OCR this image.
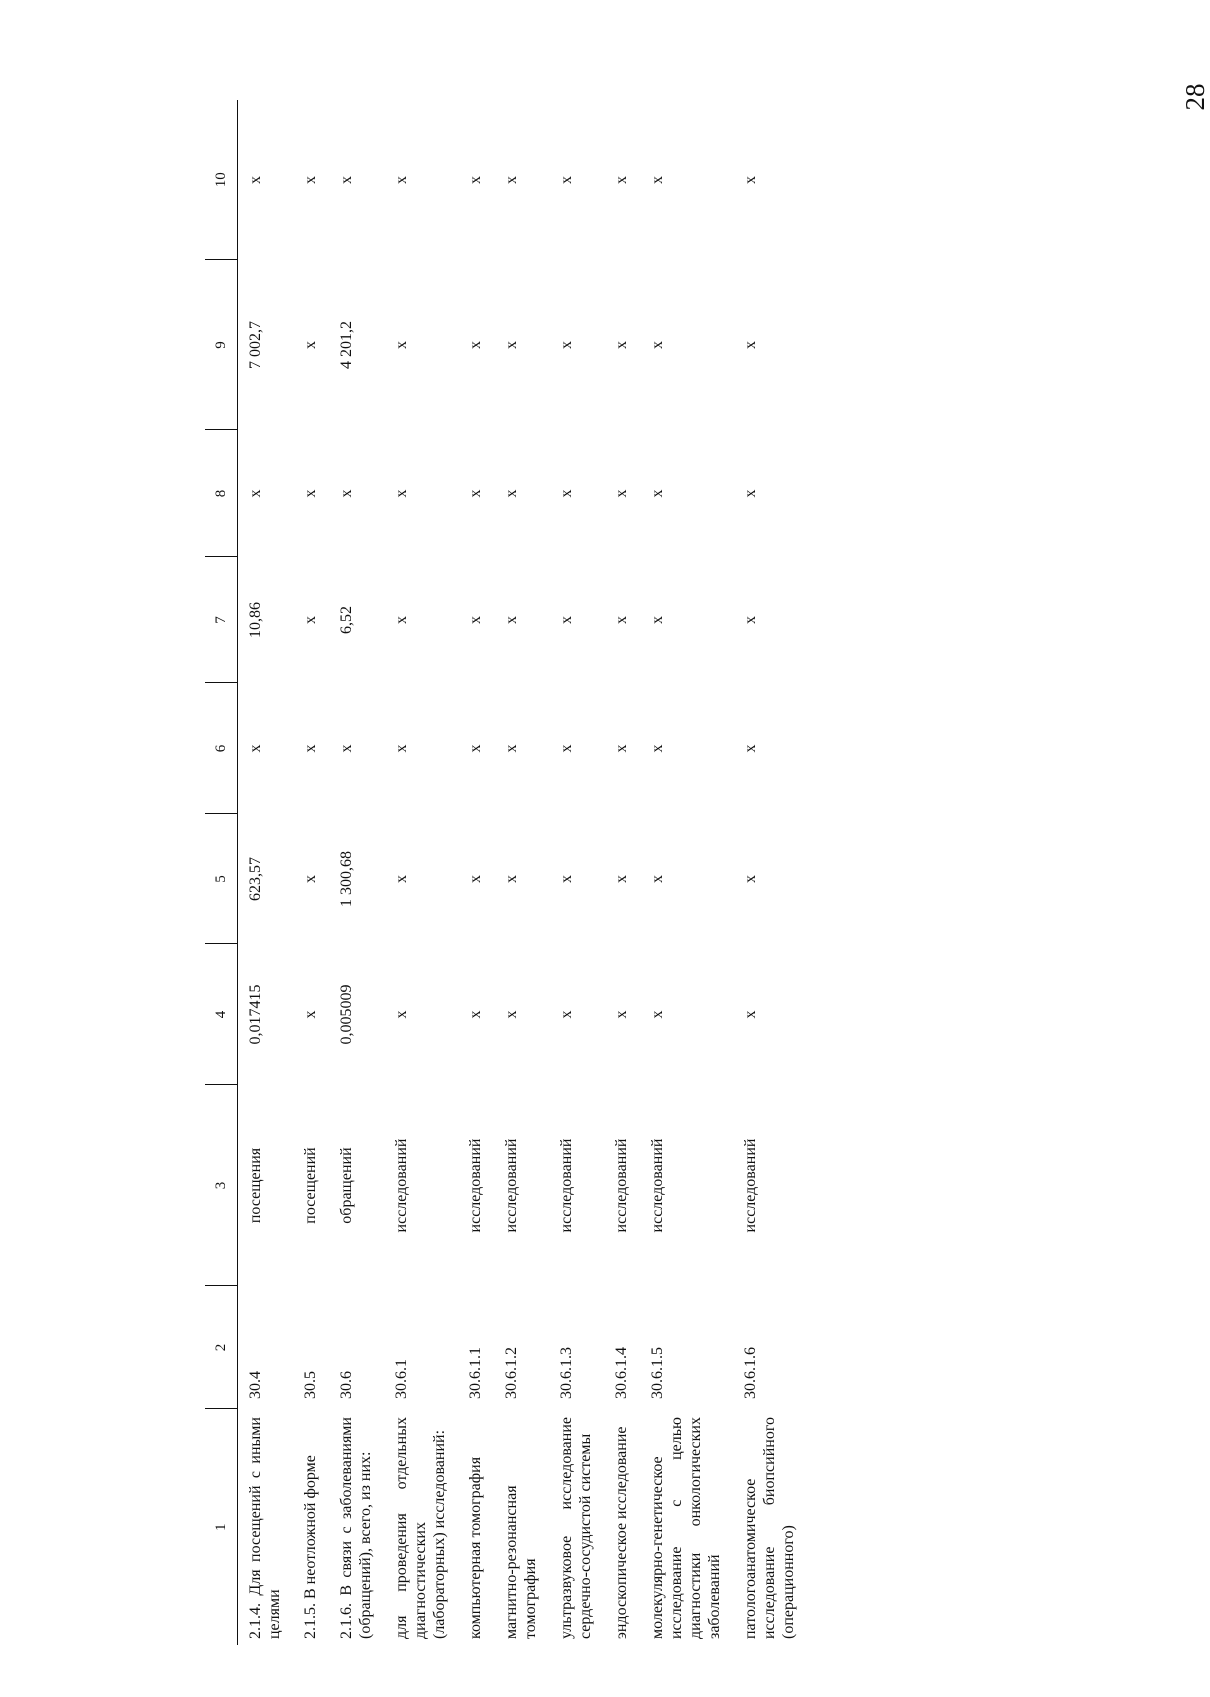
28
1	2	3	4	5	6	7	8	9	10
2.1.4. Для посещений с иными целями	30.4	посещения	0,017415	623,57	x	10,86	x	7 002,7	x
2.1.5. В неотложной форме	30.5	посещений	x	x	x	x	x	x	x
2.1.6. В связи с заболеваниями (обращений), всего, из них:	30.6	обращений	0,005009	1 300,68	x	6,52	x	4 201,2	x
для проведения отдельных диагностических (лабораторных) исследований:	30.6.1	исследований	x	x	x	x	x	x	x
компьютерная томография	30.6.1.1	исследований	x	x	x	x	x	x	x
магнитно-резонансная томография	30.6.1.2	исследований	x	x	x	x	x	x	x
ультразвуковое исследование сердечно-сосудистой системы	30.6.1.3	исследований	x	x	x	x	x	x	x
эндоскопическое исследование	30.6.1.4	исследований	x	x	x	x	x	x	x
молекулярно-генетическое исследование с целью диагностики онкологических заболеваний	30.6.1.5	исследований	x	x	x	x	x	x	x
патологоанатомическое исследование биопсийного (операционного)	30.6.1.6	исследований	x	x	x	x	x	x	x
